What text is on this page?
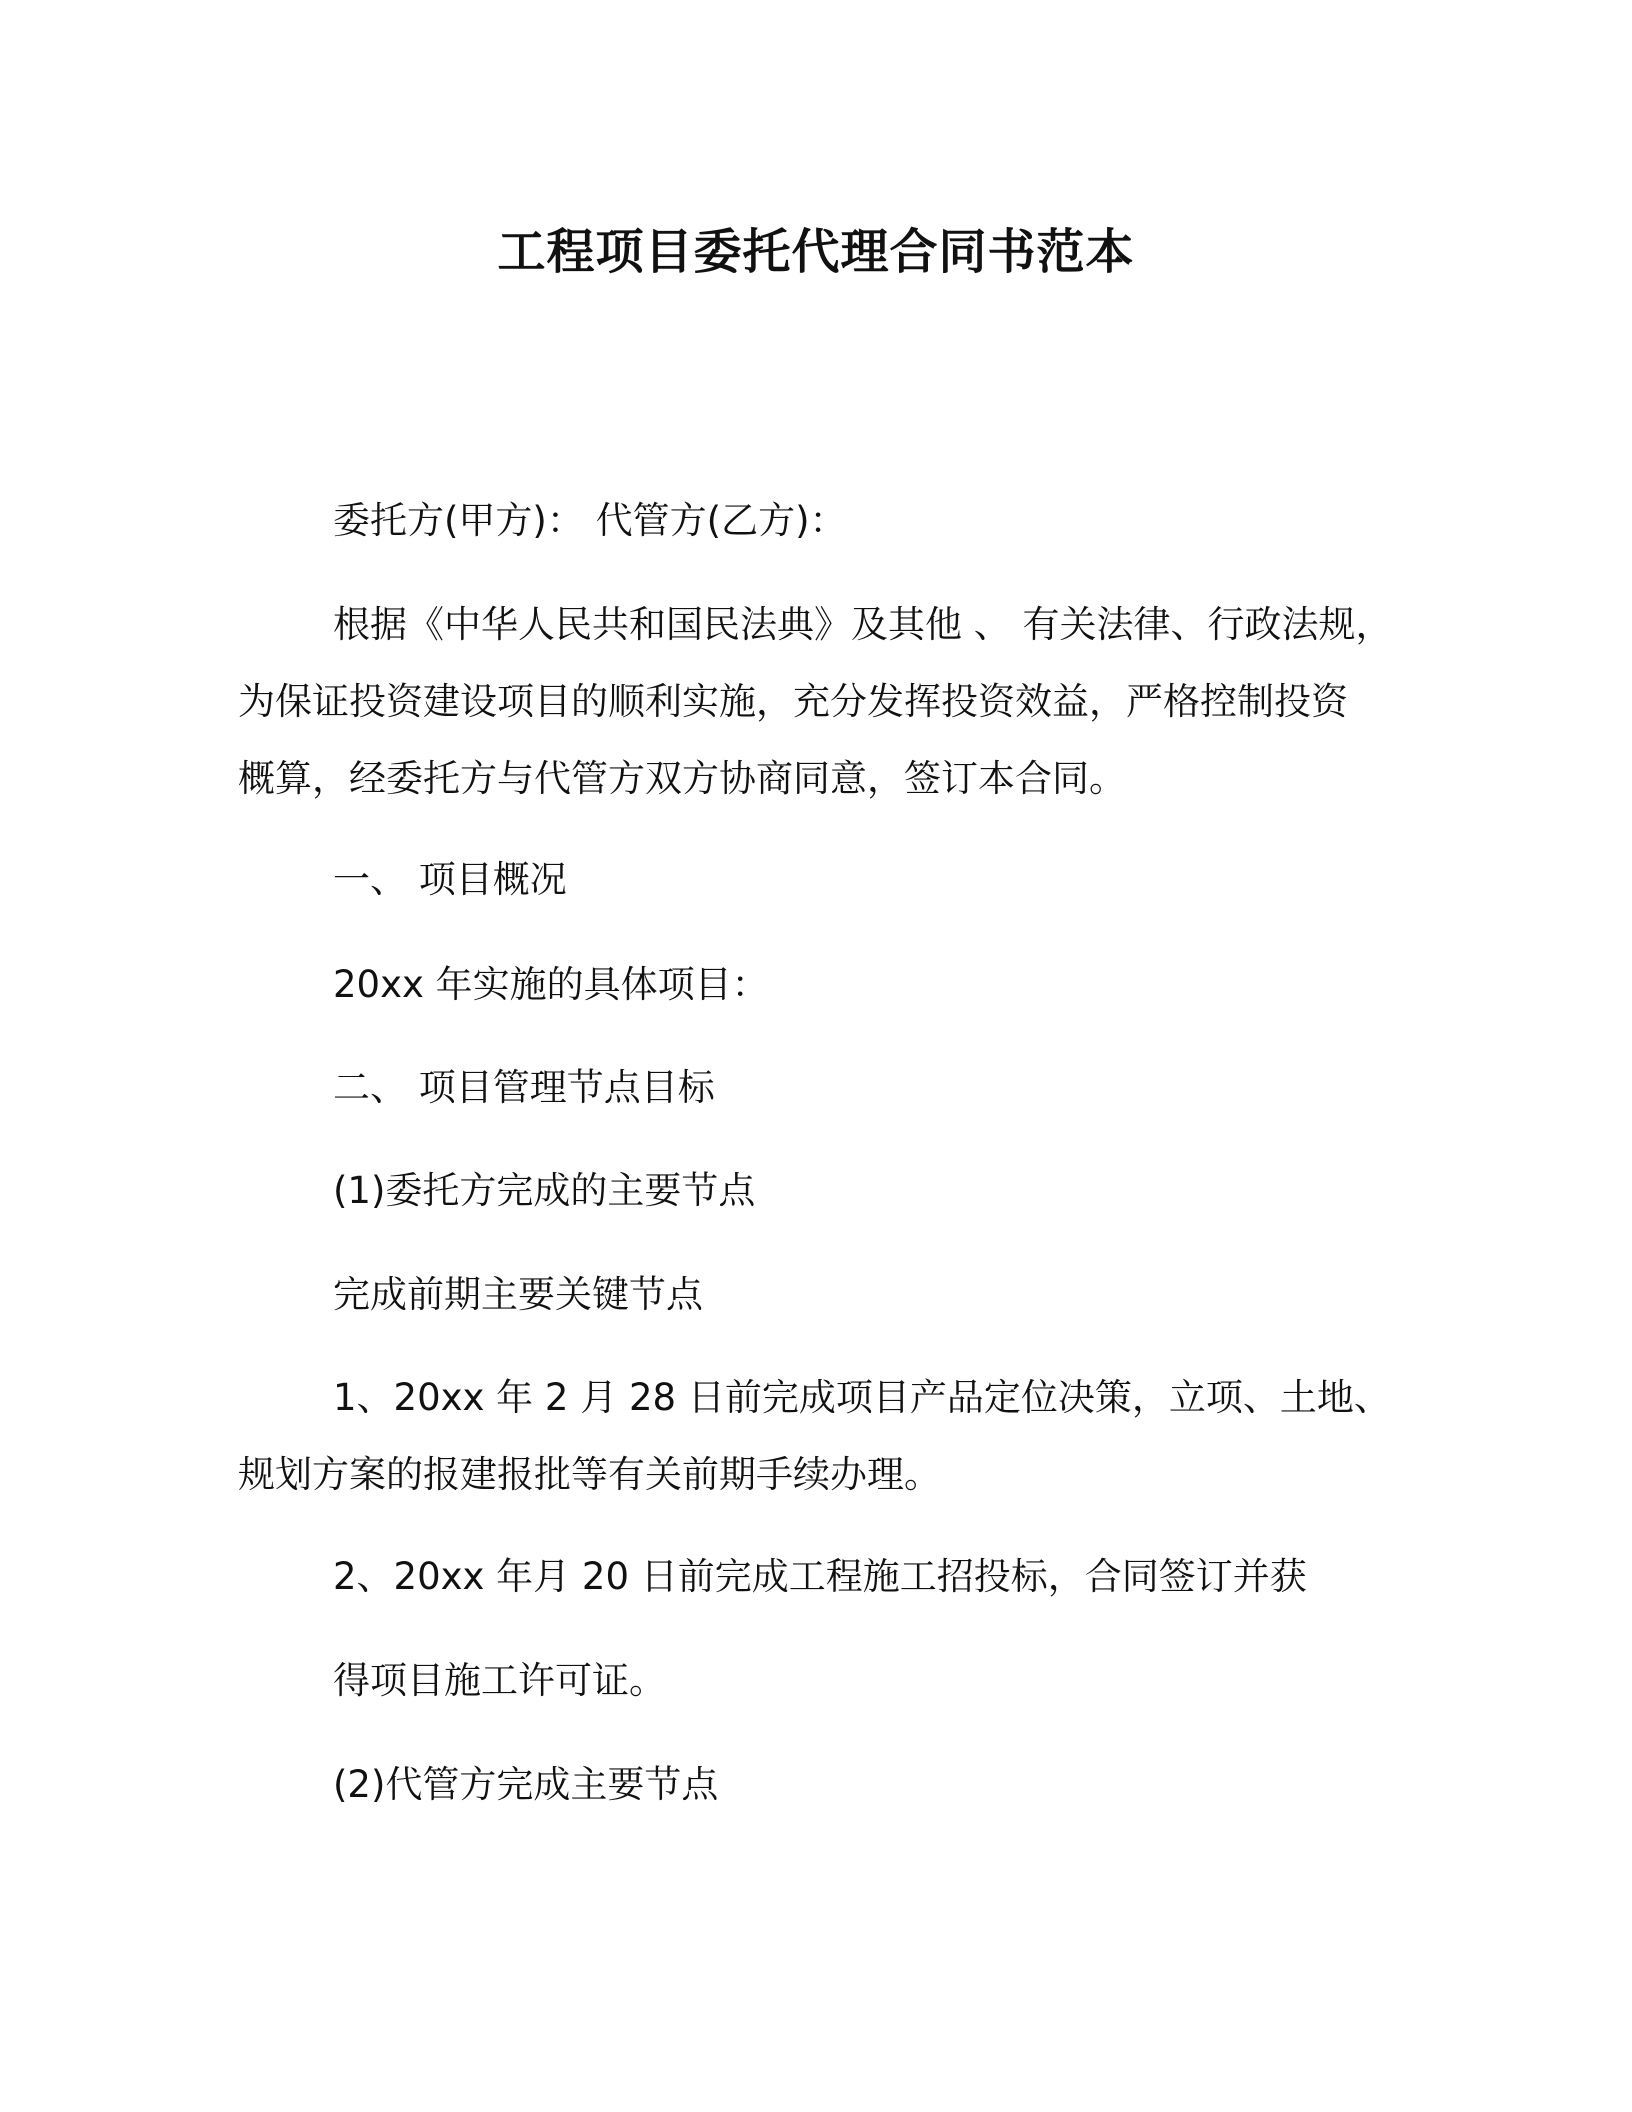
工程项目委托代理合同书范本
委托方(甲方)： 代管方(乙方)：
根据《中华人民共和国民法典》及其他 、 有关法律、行政法规，
为保证投资建设项目的顺利实施，充分发挥投资效益，严格控制投资
概算，经委托方与代管方双方协商同意，签订本合同。
一、 项目概况
20xx 年实施的具体项目：
二、 项目管理节点目标
(1)委托方完成的主要节点
完成前期主要关键节点
1、20xx 年 2 月 28 日前完成项目产品定位决策，立项、土地、
规划方案的报建报批等有关前期手续办理。
2、20xx 年月 20 日前完成工程施工招投标，合同签订并获
得项目施工许可证。
(2)代管方完成主要节点
